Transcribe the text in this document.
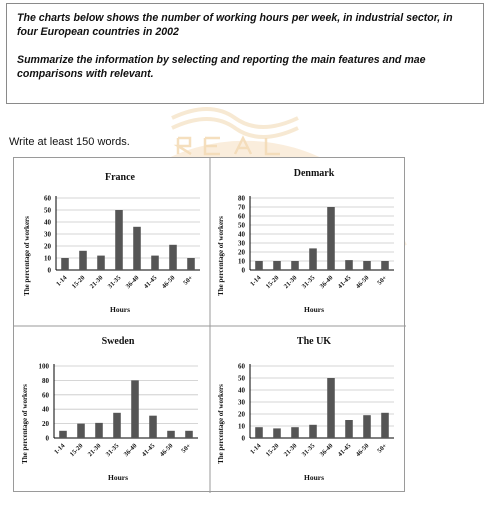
The charts below shows the number of working hours per week, in industrial sector, in
four European countries in 2002
Summarize the information by selecting and reporting the main features and mae
comparisons with relevant.
Write at least 150 words.
France
0
10
20
30
40
50
60
1-14 15-20 21-30 31-35 36-40 41-45 46-50 50+
Hours
The percentage of workers
Denmark
0
10
20
30
40
50
60
70
80
1-14 15-20 21-30 31-35 36-40 41-45 46-50 50+
Hours
The percentage of workers
Sweden
0
20
40
60
80
100
1-14 15-20 21-30 31-35 36-40 41-45 46-50 50+
Hours
The percentage of workers
The UK
0
10
20
30
40
50
60
1-14 15-20 21-30 31-35 36-40 41-45 46-50 50+
Hours
The percentage of workers
